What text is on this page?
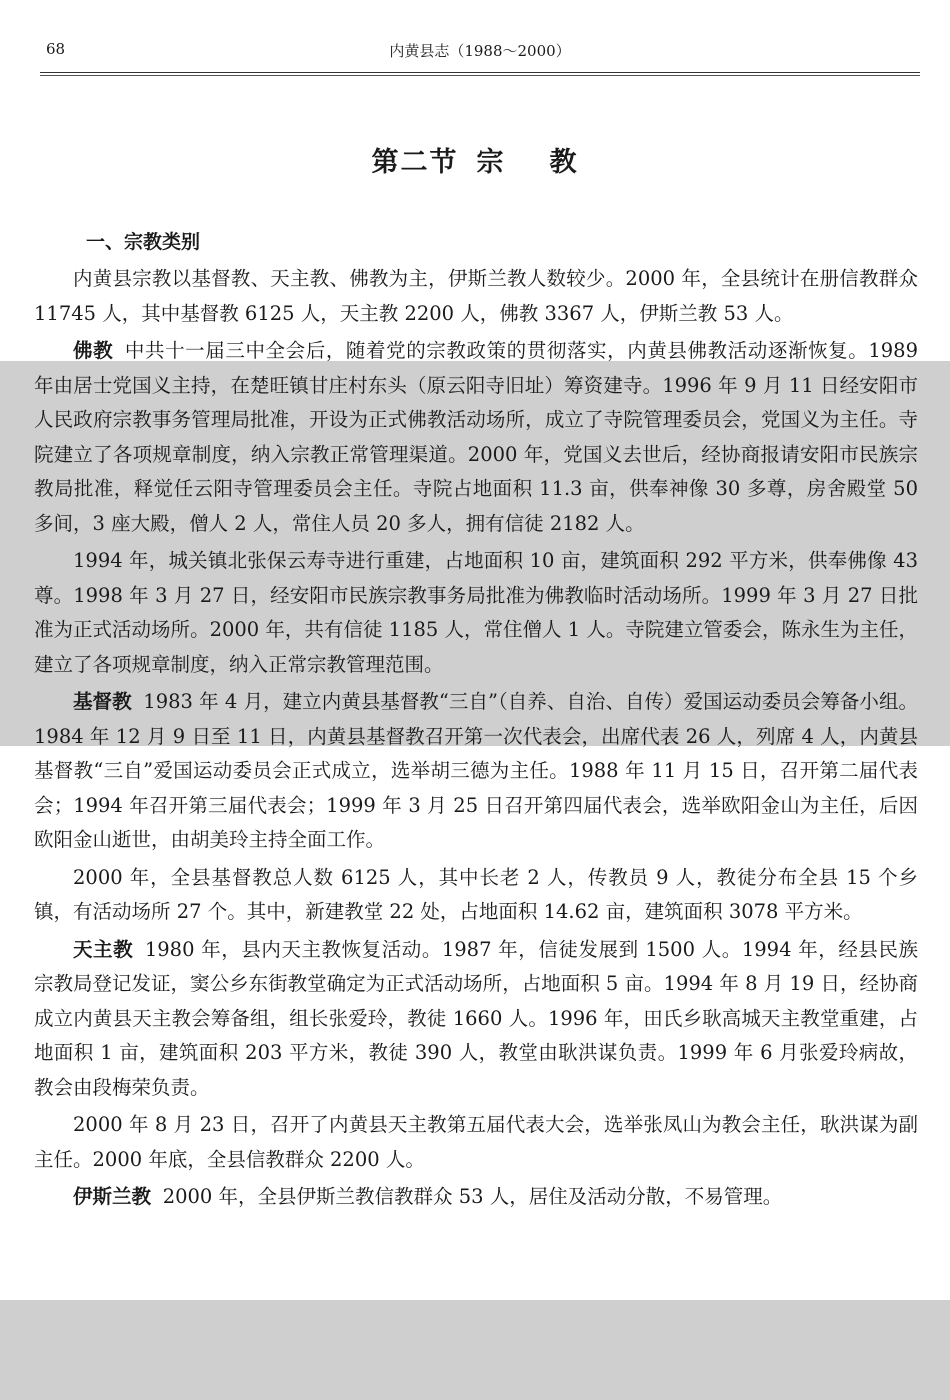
68	内黄县志（1988～2000）
第二节 宗 教
一、宗教类别

内黄县宗教以基督教、天主教、佛教为主，伊斯兰教人数较少。2000 年，全县统计在册信教群众 11745 人，其中基督教 6125 人，天主教 2200 人，佛教 3367 人，伊斯兰教 53 人。

佛教 中共十一届三中全会后，随着党的宗教政策的贯彻落实，内黄县佛教活动逐渐恢复。1989 年由居士党国义主持，在楚旺镇甘庄村东头（原云阳寺旧址）筹资建寺。1996 年 9 月 11 日经安阳市人民政府宗教事务管理局批准，开设为正式佛教活动场所，成立了寺院管理委员会，党国义为主任。寺院建立了各项规章制度，纳入宗教正常管理渠道。2000 年，党国义去世后，经协商报请安阳市民族宗教局批准，释觉任云阳寺管理委员会主任。寺院占地面积 11.3 亩，供奉神像 30 多尊，房舍殿堂 50 多间，3 座大殿，僧人 2 人，常住人员 20 多人，拥有信徒 2182 人。

1994 年，城关镇北张保云寿寺进行重建，占地面积 10 亩，建筑面积 292 平方米，供奉佛像 43 尊。1998 年 3 月 27 日，经安阳市民族宗教事务局批准为佛教临时活动场所。1999 年 3 月 27 日批准为正式活动场所。2000 年，共有信徒 1185 人，常住僧人 1 人。寺院建立管委会，陈永生为主任，建立了各项规章制度，纳入正常宗教管理范围。

基督教 1983 年 4 月，建立内黄县基督教“三自”（自养、自治、自传）爱国运动委员会筹备小组。1984 年 12 月 9 日至 11 日，内黄县基督教召开第一次代表会，出席代表 26 人，列席 4 人，内黄县基督教“三自”爱国运动委员会正式成立，选举胡三德为主任。1988 年 11 月 15 日，召开第二届代表会；1994 年召开第三届代表会；1999 年 3 月 25 日召开第四届代表会，选举欧阳金山为主任，后因欧阳金山逝世，由胡美玲主持全面工作。

2000 年，全县基督教总人数 6125 人，其中长老 2 人，传教员 9 人，教徒分布全县 15 个乡镇，有活动场所 27 个。其中，新建教堂 22 处，占地面积 14.62 亩，建筑面积 3078 平方米。

天主教 1980 年，县内天主教恢复活动。1987 年，信徒发展到 1500 人。1994 年，经县民族宗教局登记发证，窦公乡东街教堂确定为正式活动场所，占地面积 5 亩。1994 年 8 月 19 日，经协商成立内黄县天主教会筹备组，组长张爱玲，教徒 1660 人。1996 年，田氏乡耿高城天主教堂重建，占地面积 1 亩，建筑面积 203 平方米，教徒 390 人，教堂由耿洪谋负责。1999 年 6 月张爱玲病故，教会由段梅荣负责。

2000 年 8 月 23 日，召开了内黄县天主教第五届代表大会，选举张凤山为教会主任，耿洪谋为副主任。2000 年底，全县信教群众 2200 人。

伊斯兰教 2000 年，全县伊斯兰教信教群众 53 人，居住及活动分散，不易管理。
